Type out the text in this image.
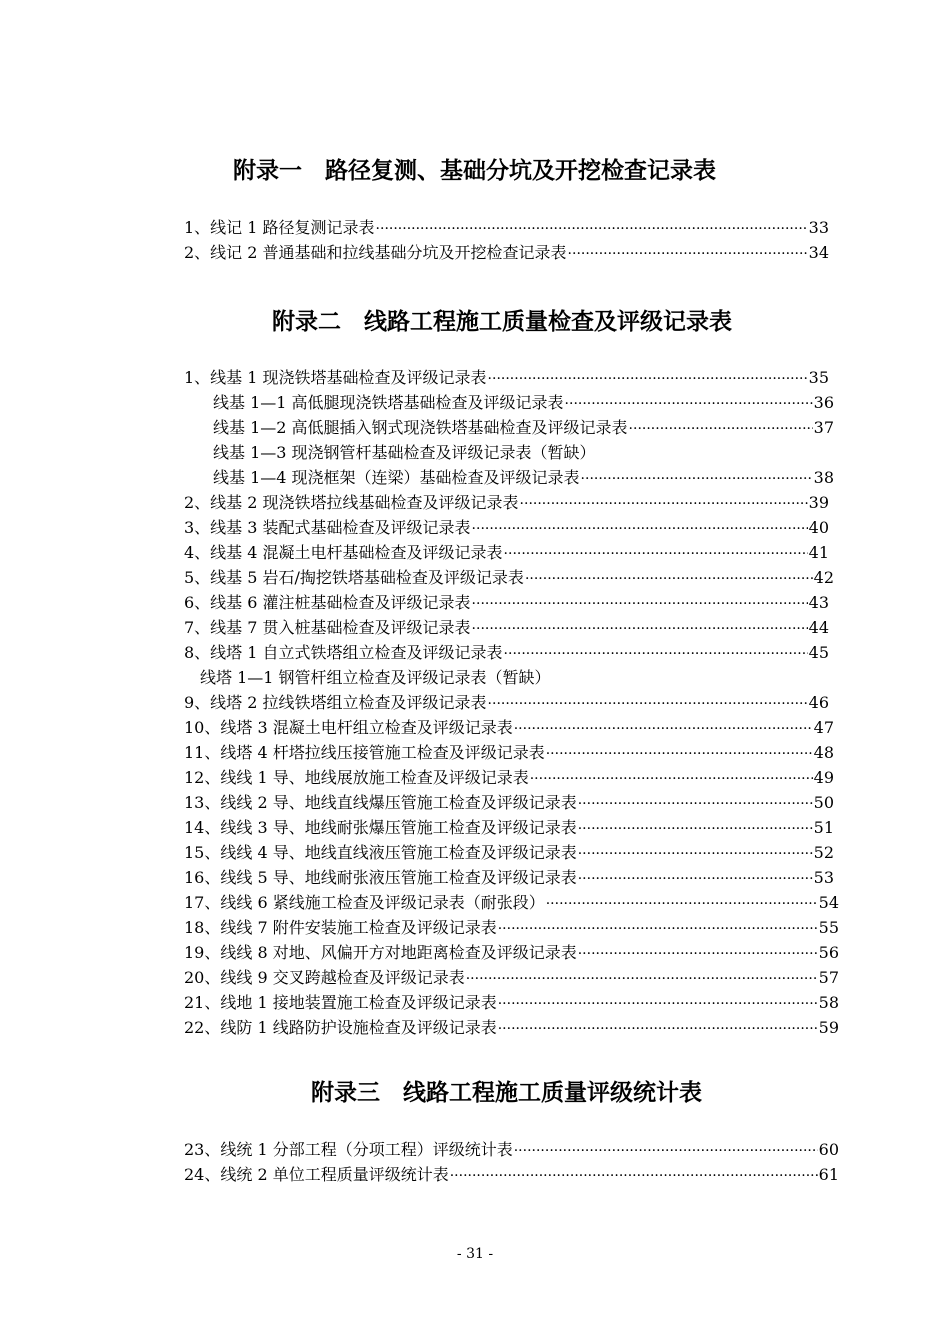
附录一　路径复测、基础分坑及开挖检查记录表
1、线记 1 路径复测记录表 ·····	33
2、线记 2 普通基础和拉线基础分坑及开挖检查记录表 ·····	34
附录二　线路工程施工质量检查及评级记录表
1、线基 1 现浇铁塔基础检查及评级记录表 ·····	35
线基 1—1 高低腿现浇铁塔基础检查及评级记录表 ·····	36
线基 1—2 高低腿插入钢式现浇铁塔基础检查及评级记录表 ·····	37
线基 1—3 现浇钢管杆基础检查及评级记录表（暂缺）
线基 1—4 现浇框架（连梁）基础检查及评级记录表 ·····	38
2、线基 2 现浇铁塔拉线基础检查及评级记录表 ·····	39
3、线基 3 装配式基础检查及评级记录表 ·····	40
4、线基 4 混凝土电杆基础检查及评级记录表 ·····	41
5、线基 5 岩石/掏挖铁塔基础检查及评级记录表 ·····	42
6、线基 6 灌注桩基础检查及评级记录表 ·····	43
7、线基 7 贯入桩基础检查及评级记录表 ·····	44
8、线塔 1 自立式铁塔组立检查及评级记录表 ·····	45
线塔 1—1 钢管杆组立检查及评级记录表（暂缺）
9、线塔 2 拉线铁塔组立检查及评级记录表 ·····	46
10、线塔 3 混凝土电杆组立检查及评级记录表 ·····	47
11、线塔 4 杆塔拉线压接管施工检查及评级记录表 ·····	48
12、线线 1 导、地线展放施工检查及评级记录表 ·····	49
13、线线 2 导、地线直线爆压管施工检查及评级记录表 ·····	50
14、线线 3 导、地线耐张爆压管施工检查及评级记录表 ·····	51
15、线线 4 导、地线直线液压管施工检查及评级记录表 ·····	52
16、线线 5 导、地线耐张液压管施工检查及评级记录表 ·····	53
17、线线 6 紧线施工检查及评级记录表（耐张段） ·····	54
18、线线 7 附件安装施工检查及评级记录表 ·····	55
19、线线 8 对地、风偏开方对地距离检查及评级记录表 ·····	56
20、线线 9 交叉跨越检查及评级记录表 ·····	57
21、线地 1 接地装置施工检查及评级记录表 ·····	58
22、线防 1 线路防护设施检查及评级记录表 ·····	59
附录三　线路工程施工质量评级统计表
23、线统 1 分部工程（分项工程）评级统计表 ·····	60
24、线统 2 单位工程质量评级统计表 ·····	61
- 31 -
